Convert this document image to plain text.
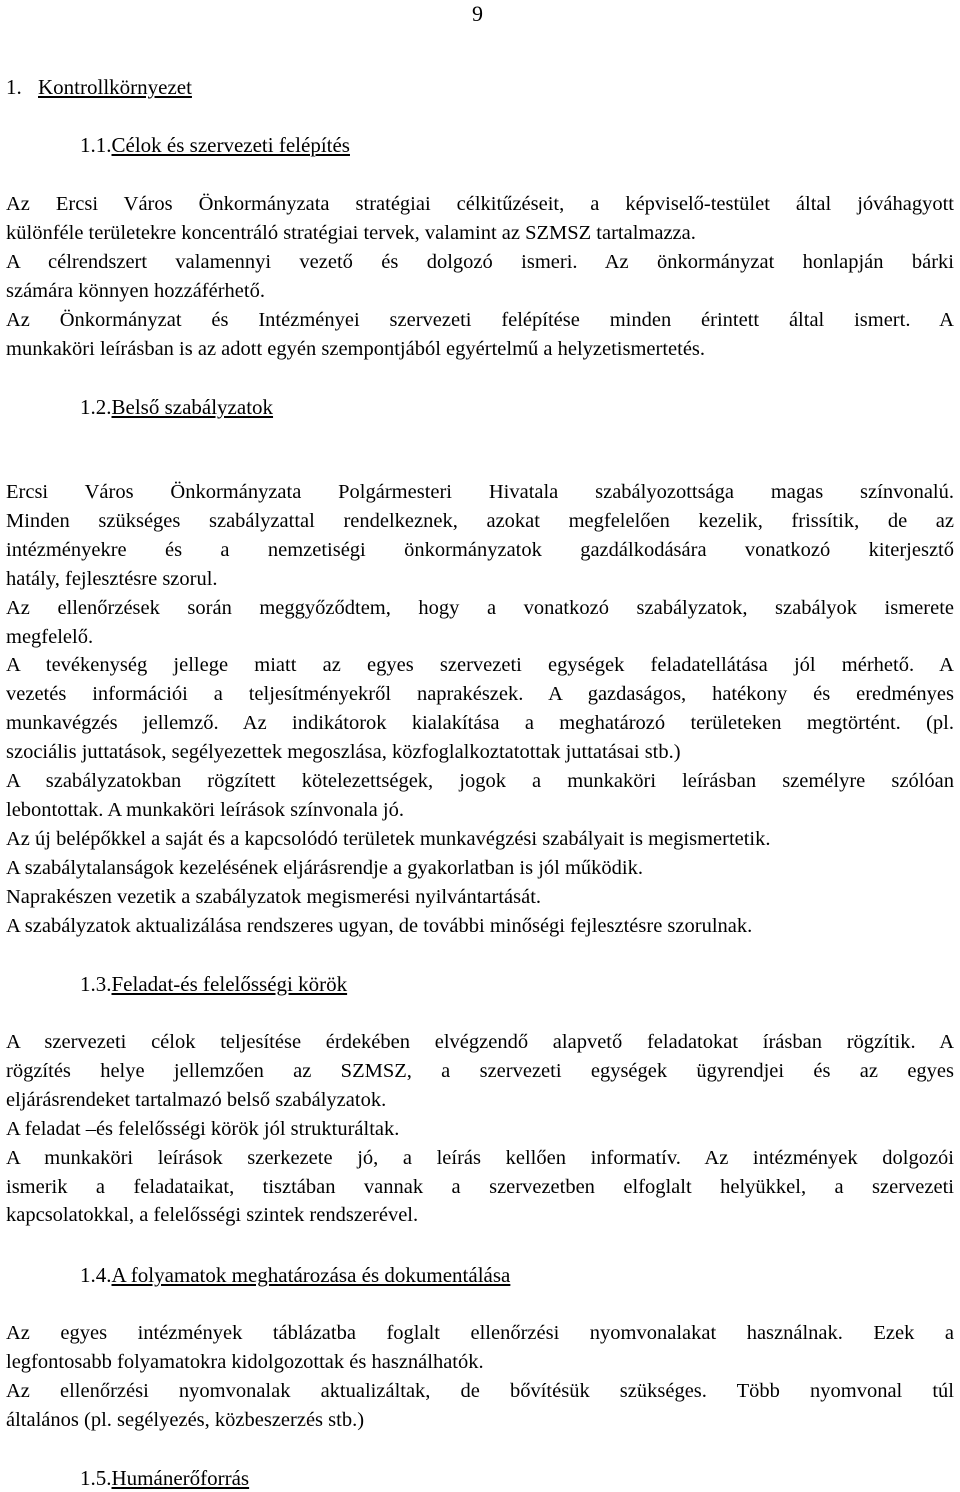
9
1. Kontrollkörnyezet
1.1.Célok és szervezeti felépítés
Az Ercsi Város Önkormányzata stratégiai célkitűzéseit, a képviselő-testület által jóváhagyott
különféle területekre koncentráló stratégiai tervek, valamint az SZMSZ tartalmazza.
A célrendszert valamennyi vezető és dolgozó ismeri. Az önkormányzat honlapján bárki
számára könnyen hozzáférhető.
Az Önkormányzat és Intézményei szervezeti felépítése minden érintett által ismert. A
munkaköri leírásban is az adott egyén szempontjából egyértelmű a helyzetismertetés.
1.2.Belső szabályzatok
Ercsi Város Önkormányzata Polgármesteri Hivatala szabályozottsága magas színvonalú.
Minden szükséges szabályzattal rendelkeznek, azokat megfelelően kezelik, frissítik, de az
intézményekre és a nemzetiségi önkormányzatok gazdálkodására vonatkozó kiterjesztő
hatály, fejlesztésre szorul.
Az ellenőrzések során meggyőződtem, hogy a vonatkozó szabályzatok, szabályok ismerete
megfelelő.
A tevékenység jellege miatt az egyes szervezeti egységek feladatellátása jól mérhető. A
vezetés információi a teljesítményekről naprakészek. A gazdaságos, hatékony és eredményes
munkavégzés jellemző. Az indikátorok kialakítása a meghatározó területeken megtörtént. (pl.
szociális juttatások, segélyezettek megoszlása, közfoglalkoztatottak juttatásai stb.)
A szabályzatokban rögzített kötelezettségek, jogok a munkaköri leírásban személyre szólóan
lebontottak. A munkaköri leírások színvonala jó.
Az új belépőkkel a saját és a kapcsolódó területek munkavégzési szabályait is megismertetik.
A szabálytalanságok kezelésének eljárásrendje a gyakorlatban is jól működik.
Naprakészen vezetik a szabályzatok megismerési nyilvántartását.
A szabályzatok aktualizálása rendszeres ugyan, de további minőségi fejlesztésre szorulnak.
1.3.Feladat-és felelősségi körök
A szervezeti célok teljesítése érdekében elvégzendő alapvető feladatokat írásban rögzítik. A
rögzítés helye jellemzően az SZMSZ, a szervezeti egységek ügyrendjei és az egyes
eljárásrendeket tartalmazó belső szabályzatok.
A feladat –és felelősségi körök jól strukturáltak.
A munkaköri leírások szerkezete jó, a leírás kellően informatív. Az intézmények dolgozói
ismerik a feladataikat, tisztában vannak a szervezetben elfoglalt helyükkel, a szervezeti
kapcsolatokkal, a felelősségi szintek rendszerével.
1.4.A folyamatok meghatározása és dokumentálása
Az egyes intézmények táblázatba foglalt ellenőrzési nyomvonalakat használnak. Ezek a
legfontosabb folyamatokra kidolgozottak és használhatók.
Az ellenőrzési nyomvonalak aktualizáltak, de bővítésük szükséges. Több nyomvonal túl
általános (pl. segélyezés, közbeszerzés stb.)
1.5.Humánerőforrás
